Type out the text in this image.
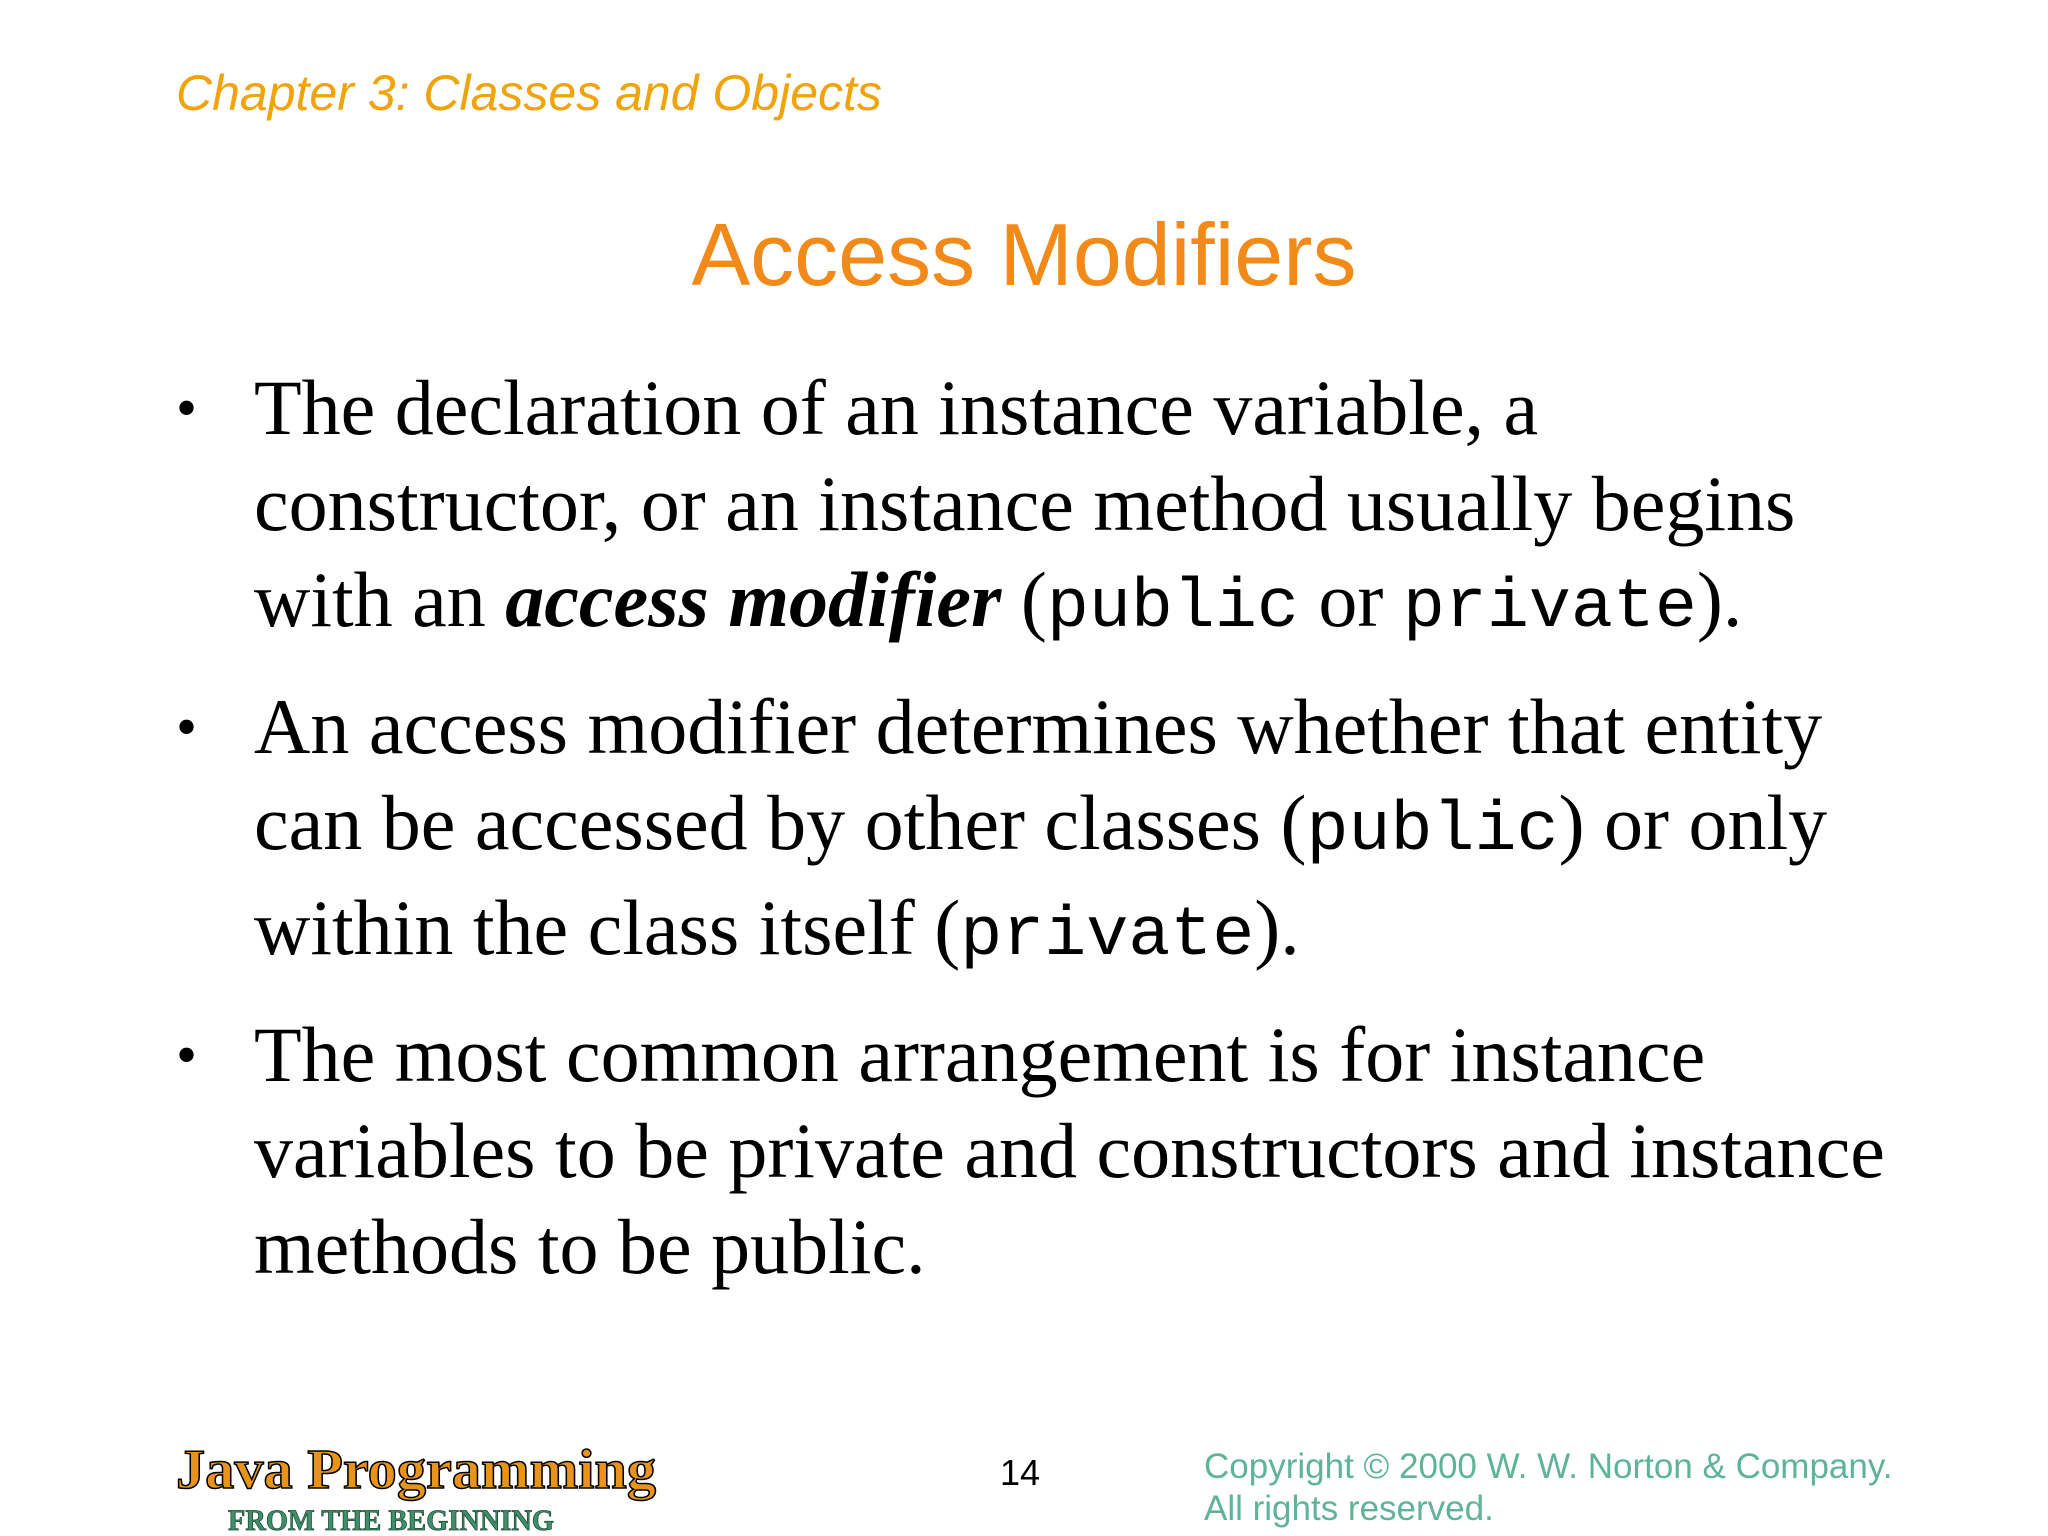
Chapter 3: Classes and Objects
Access Modifiers
• The declaration of an instance variable, a constructor, or an instance method usually begins with an access modifier (public or private).
• An access modifier determines whether that entity can be accessed by other classes (public) or only within the class itself (private).
• The most common arrangement is for instance variables to be private and constructors and instance methods to be public.
Java Programming
FROM THE BEGINNING
14	Copyright © 2000 W. W. Norton & Company.
All rights reserved.
